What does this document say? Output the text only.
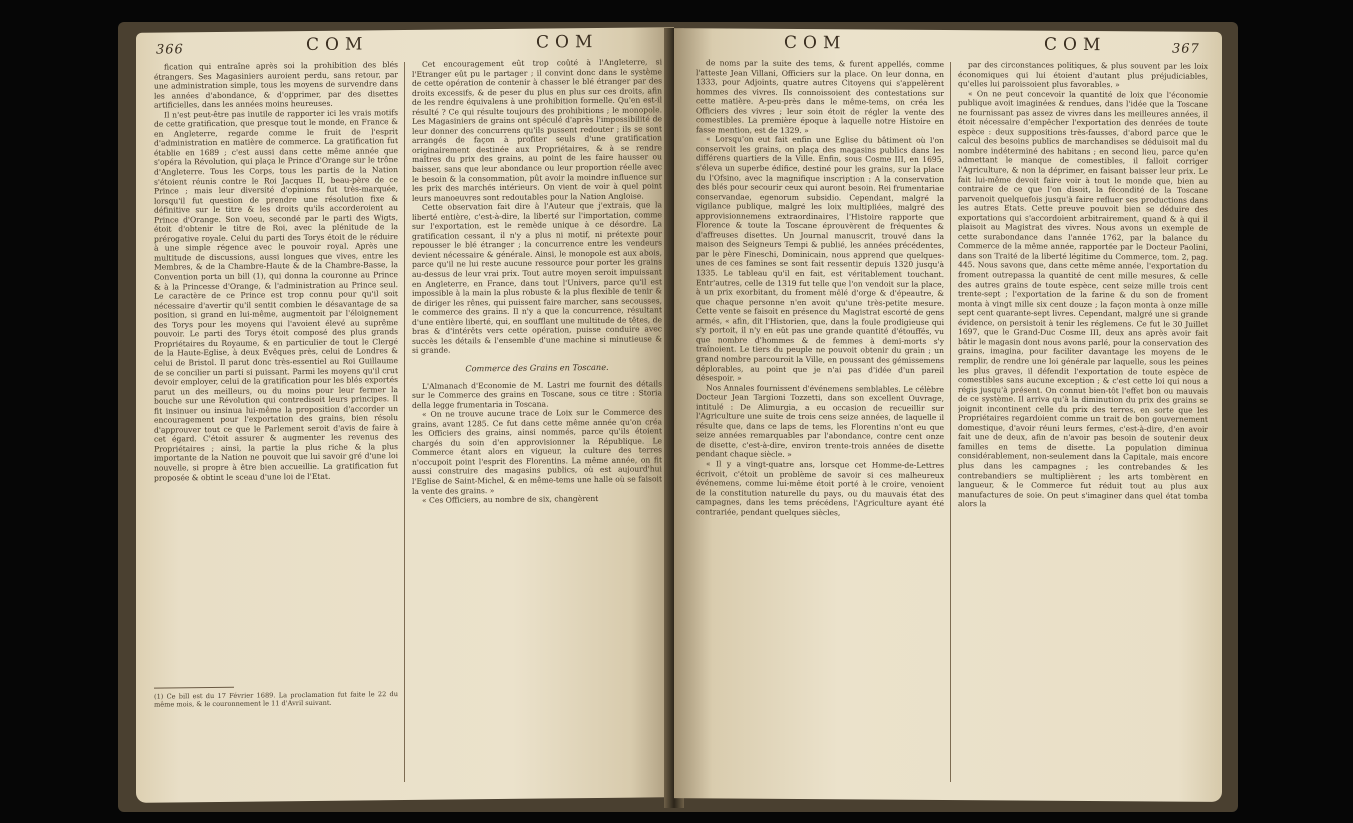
366	COM	COM

fication qui entraîne après soi la prohibition des blés étrangers. Ses Magasiniers auroient perdu, sans retour, par une administration simple, tous les moyens de survendre dans les années d'abondance, & d'opprimer, par des disettes artificielles, dans les années moins heureuses.

Il n'est peut-être pas inutile de rapporter ici les vrais motifs de cette gratification, que presque tout le monde, en France & en Angleterre, regarde comme le fruit de l'esprit d'administration en matière de commerce. La gratification fut établie en 1689 ; c'est aussi dans cette même année que s'opéra la Révolution, qui plaça le Prince d'Orange sur le trône d'Angleterre. Tous les Corps, tous les partis de la Nation s'étoient réunis contre le Roi Jacques II, beau-père de ce Prince ; mais leur diversité d'opinions fut très-marquée, lorsqu'il fut question de prendre une résolution fixe & définitive sur le titre & les droits qu'ils accorderoient au Prince d'Orange. Son voeu, secondé par le parti des Wigts, étoit d'obtenir le titre de Roi, avec la plénitude de la prérogative royale. Celui du parti des Torys étoit de le réduire à une simple régence avec le pouvoir royal. Après une multitude de discussions, aussi longues que vives, entre les Membres, & de la Chambre-Haute & de la Chambre-Basse, la Convention porta un bill (1), qui donna la couronne au Prince & à la Princesse d'Orange, & l'administration au Prince seul. Le caractère de ce Prince est trop connu pour qu'il soit nécessaire d'avertir qu'il sentit combien le désavantage de sa position, si grand en lui-même, augmentoit par l'éloignement des Torys pour les moyens qui l'avoient élevé au suprême pouvoir. Le parti des Torys étoit composé des plus grands Propriétaires du Royaume, & en particulier de tout le Clergé de la Haute-Eglise, à deux Evêques près, celui de Londres & celui de Bristol. Il parut donc très-essentiel au Roi Guillaume de se concilier un parti si puissant. Parmi les moyens qu'il crut devoir employer, celui de la gratification pour les blés exportés parut un des meilleurs, ou du moins pour leur fermer la bouche sur une Révolution qui contredisoit leurs principes. Il fit insinuer ou insinua lui-même la proposition d'accorder un encouragement pour l'exportation des grains, bien résolu d'approuver tout ce que le Parlement seroit d'avis de faire à cet égard. C'étoit assurer & augmenter les revenus des Propriétaires ; ainsi, la partie la plus riche & la plus importante de la Nation ne pouvoit que lui savoir gré d'une loi nouvelle, si propre à être bien accueillie. La gratification fut proposée & obtint le sceau d'une loi de l'Etat.

(1) Ce bill est du 17 Février 1689. La proclamation fut faite le 22 du même mois, & le couronnement le 11 d'Avril suivant.

Cet encouragement eût trop coûté à l'Angleterre, si l'Etranger eût pu le partager ; il convint donc dans le système de cette opération de contenir à chasser le blé étranger par des droits excessifs, & de peser du plus en plus sur ces droits, afin de les rendre équivalens à une prohibition formelle. Qu'en est-il résulté ? Ce qui résulte toujours des prohibitions ; le monopole. Les Magasiniers de grains ont spéculé d'après l'impossibilité de leur donner des concurrens qu'ils pussent redouter ; ils se sont arrangés de façon à profiter seuls d'une gratification originairement destinée aux Propriétaires, & à se rendre maîtres du prix des grains, au point de les faire hausser ou baisser, sans que leur abondance ou leur proportion réelle avec le besoin & la consommation, pût avoir la moindre influence sur les prix des marchés intérieurs. On vient de voir à quel point leurs manoeuvres sont redoutables pour la Nation Angloise.

Cette observation fait dire à l'Auteur que j'extrais, que la liberté entière, c'est-à-dire, la liberté sur l'importation, comme sur l'exportation, est le remède unique à ce désordre. La gratification cessant, il n'y a plus ni motif, ni prétexte pour repousser le blé étranger ; la concurrence entre les vendeurs devient nécessaire & générale. Ainsi, le monopole est aux abois, parce qu'il ne lui reste aucune ressource pour porter les grains au-dessus de leur vrai prix. Tout autre moyen seroit impuissant en Angleterre, en France, dans tout l'Univers, parce qu'il est impossible à la main la plus robuste & la plus flexible de tenir & de diriger les rênes, qui puissent faire marcher, sans secousses, le commerce des grains. Il n'y a que la concurrence, résultant d'une entière liberté, qui, en soufflant une multitude de têtes, de bras & d'intérêts vers cette opération, puisse conduire avec succès les détails & l'ensemble d'une machine si minutieuse & si grande.

Commerce des Grains en Toscane.

L'Almanach d'Economie de M. Lastri me fournit des détails sur le Commerce des grains en Toscane, sous ce titre : Storia della legge frumentaria in Toscana.

« On ne trouve aucune trace de Loix sur le Commerce des grains, avant 1285. Ce fut dans cette même année qu'on créa les Officiers des grains, ainsi nommés, parce qu'ils étoient chargés du soin d'en approvisionner la République. Le Commerce étant alors en vigueur, la culture des terres n'occupoit point l'esprit des Florentins. La même année, on fit aussi construire des magasins publics, où est aujourd'hui l'Eglise de Saint-Michel, & en même-tems une halle où se faisoit la vente des grains. »

« Ces Officiers, au nombre de six, changèrent

COM	COM	367

de noms par la suite des tems, & furent appellés, comme l'atteste Jean Villani, Officiers sur la place. On leur donna, en 1333, pour Adjoints, quatre autres Citoyens qui s'appelèrent hommes des vivres. Ils connoissoient des contestations sur cette matière. A-peu-près dans le même-tems, on créa les Officiers des vivres ; leur soin étoit de régler la vente des comestibles. La première époque à laquelle notre Histoire en fasse mention, est de 1329. »

« Lorsqu'on eut fait enfin une Eglise du bâtiment où l'on conservoit les grains, on plaça des magasins publics dans les différens quartiers de la Ville. Enfin, sous Cosme III, en 1695, s'éleva un superbe édifice, destiné pour les grains, sur la place du l'Ofsino, avec la magnifique inscription : A la conservation des blés pour secourir ceux qui auront besoin. Rei frumentariae conservandae, egenorum subsidio. Cependant, malgré la vigilance publique, malgré les loix multipliées, malgré des approvisionnemens extraordinaires, l'Histoire rapporte que Florence & toute la Toscane éprouvèrent de fréquentes & d'affreuses disettes. Un Journal manuscrit, trouvé dans la maison des Seigneurs Tempi & publié, les années précédentes, par le père Fineschi, Dominicain, nous apprend que quelques-unes de ces famines se sont fait ressentir depuis 1320 jusqu'à 1335. Le tableau qu'il en fait, est véritablement touchant. Entr'autres, celle de 1319 fut telle que l'on vendoit sur la place, à un prix exorbitant, du froment mêlé d'orge & d'épeautre, & que chaque personne n'en avoit qu'une très-petite mesure. Cette vente se faisoit en présence du Magistrat escorté de gens armés, « afin, dit l'Historien, que, dans la foule prodigieuse qui s'y portoit, il n'y en eût pas une grande quantité d'étouffés, vu que nombre d'hommes & de femmes à demi-morts s'y traînoient. Le tiers du peuple ne pouvoit obtenir du grain ; un grand nombre parcouroit la Ville, en poussant des gémissemens déplorables, au point que je n'ai pas d'idée d'un pareil désespoir. »

Nos Annales fournissent d'événemens semblables. Le célèbre Docteur Jean Targioni Tozzetti, dans son excellent Ouvrage, intitulé : De Alimurgia, a eu occasion de recueillir sur l'Agriculture une suite de trois cens seize années, de laquelle il résulte que, dans ce laps de tems, les Florentins n'ont eu que seize années remarquables par l'abondance, contre cent onze de disette, c'est-à-dire, environ trente-trois années de disette pendant chaque siècle. »

« Il y a vingt-quatre ans, lorsque cet Homme-de-Lettres écrivoit, c'étoit un problème de savoir si ces malheureux événemens, comme lui-même étoit porté à le croire, venoient de la constitution naturelle du pays, ou du mauvais état des campagnes, dans les tems précédens, l'Agriculture ayant été contrariée, pendant quelques siècles,

par des circonstances politiques, & plus souvent par les loix économiques qui lui étoient d'autant plus préjudiciables, qu'elles lui paroissoient plus favorables. »

« On ne peut concevoir la quantité de loix que l'économie publique avoit imaginées & rendues, dans l'idée que la Toscane ne fournissant pas assez de vivres dans les meilleures années, il étoit nécessaire d'empêcher l'exportation des denrées de toute espèce : deux suppositions très-fausses, d'abord parce que le calcul des besoins publics de marchandises se déduisoit mal du nombre indéterminé des habitans ; en second lieu, parce qu'en admettant le manque de comestibles, il falloit corriger l'Agriculture, & non la déprimer, en faisant baisser leur prix. Le fait lui-même devoit faire voir à tout le monde que, bien au contraire de ce que l'on disoit, la fécondité de la Toscane parvenoit quelquefois jusqu'à faire refluer ses productions dans les autres Etats. Cette preuve pouvoit bien se déduire des exportations qui s'accordoient arbitrairement, quand & à qui il plaisoit au Magistrat des vivres. Nous avons un exemple de cette surabondance dans l'année 1762, par la balance du Commerce de la même année, rapportée par le Docteur Paolini, dans son Traité de la liberté légitime du Commerce, tom. 2, pag. 445. Nous savons que, dans cette même année, l'exportation du froment outrepassa la quantité de cent mille mesures, & celle des autres grains de toute espèce, cent seize mille trois cent trente-sept ; l'exportation de la farine & du son de froment monta à vingt mille six cent douze ; la façon monta à onze mille sept cent quarante-sept livres. Cependant, malgré une si grande évidence, on persistoit à tenir les réglemens. Ce fut le 30 Juillet 1697, que le Grand-Duc Cosme III, deux ans après avoir fait bâtir le magasin dont nous avons parlé, pour la conservation des grains, imagina, pour faciliter davantage les moyens de le remplir, de rendre une loi générale par laquelle, sous les peines les plus graves, il défendit l'exportation de toute espèce de comestibles sans aucune exception ; & c'est cette loi qui nous a régis jusqu'à présent. On connut bien-tôt l'effet bon ou mauvais de ce système. Il arriva qu'à la diminution du prix des grains se joignit incontinent celle du prix des terres, en sorte que les Propriétaires regardoient comme un trait de bon gouvernement domestique, d'avoir réuni leurs fermes, c'est-à-dire, d'en avoir fait une de deux, afin de n'avoir pas besoin de soutenir deux familles en tems de disette. La population diminua considérablement, non-seulement dans la Capitale, mais encore plus dans les campagnes ; les contrebandes & les contrebandiers se multiplièrent ; les arts tombèrent en langueur, & le Commerce fut réduit tout au plus aux manufactures de soie. On peut s'imaginer dans quel état tomba alors la
